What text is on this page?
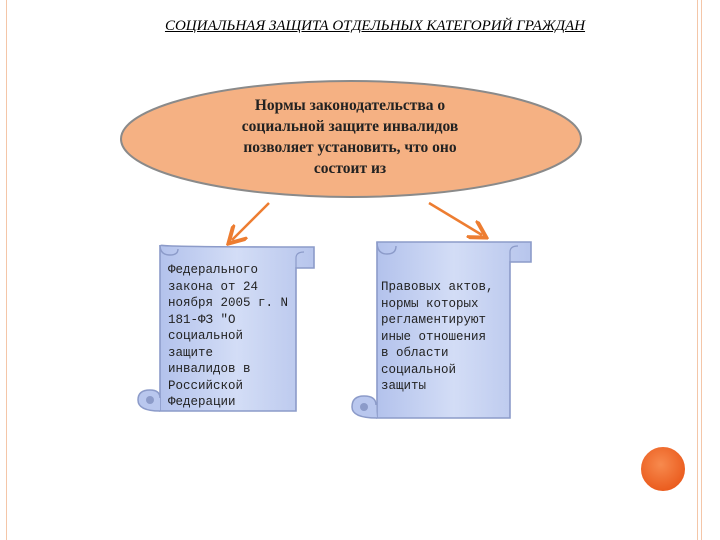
СОЦИАЛЬНАЯ ЗАЩИТА ОТДЕЛЬНЫХ КАТЕГОРИЙ ГРАЖДАН
Нормы законодательства о
социальной защите инвалидов
позволяет установить, что оно
состоит из
Федерального
закона от 24
ноября 2005 г. N
181-ФЗ "О
социальной
защите
инвалидов в
Российской
Федерации
Правовых актов,
нормы которых
регламентируют
иные отношения
в области
социальной
защиты
